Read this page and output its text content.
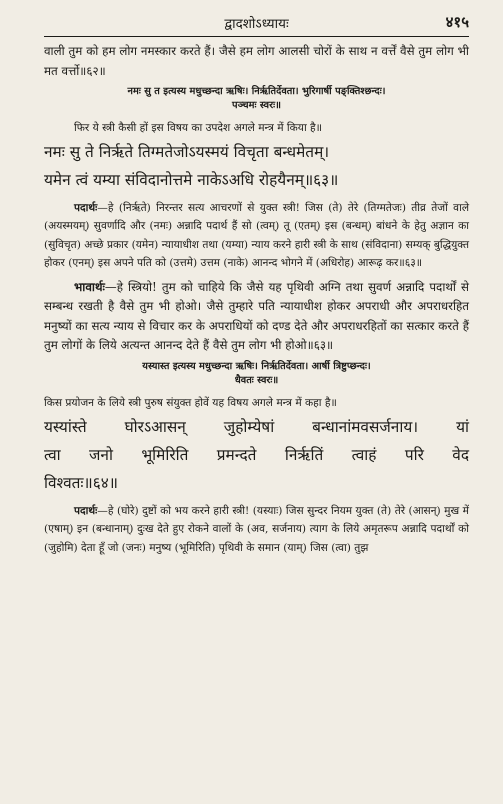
द्वादशोऽध्यायः	४१५

वाली तुम को हम लोग नमस्कार करते हैं। जैसे हम लोग आलसी चोरों के साथ न वर्त्तें वैसे तुम लोग भी मत वर्त्तो॥६२॥

नमः सु त इत्यस्य मधुच्छन्दा ऋषिः। निर्ऋतिर्देवता। भुरिगार्षी पङ्क्तिश्छन्दः।

पञ्चमः स्वरः॥

फिर ये स्त्री कैसी हों इस विषय का उपदेश अगले मन्त्र में किया है॥

नमः सु ते निर्ऋते तिग्मतेजोऽयस्मयं विचृता बन्धमेतम्।

यमेन त्वं यम्या संविदानोत्तमे नाकेऽअधि रोहयैनम्॥६३॥

पदार्थः—हे (निर्ऋते) निरन्तर सत्य आचरणों से युक्त स्त्री! जिस (ते) तेरे (तिग्मतेजः) तीव्र तेजों वाले (अयस्मयम्) सुवर्णादि और (नमः) अन्नादि पदार्थ हैं सो (त्वम्) तू (एतम्) इस (बन्धम्) बांधने के हेतु अज्ञान का (सुविचृत) अच्छे प्रकार (यमेन) न्यायाधीश तथा (यम्या) न्याय करने हारी स्त्री के साथ (संविदाना) सम्यक् बुद्धियुक्त होकर (एनम्) इस अपने पति को (उत्तमे) उत्तम (नाके) आनन्द भोगने में (अधिरोह) आरूढ़ कर॥६३॥

भावार्थः—हे स्त्रियो! तुम को चाहिये कि जैसे यह पृथिवी अग्नि तथा सुवर्ण अन्नादि पदार्थों से सम्बन्ध रखती है वैसे तुम भी होओ। जैसे तुम्हारे पति न्यायाधीश होकर अपराधी और अपराधरहित मनुष्यों का सत्य न्याय से विचार कर के अपराधियों को दण्ड देते और अपराधरहितों का सत्कार करते हैं तुम लोगों के लिये अत्यन्त आनन्द देते हैं वैसे तुम लोग भी होओ॥६३॥

यस्यास्त इत्यस्य मधुच्छन्दा ऋषिः। निर्ऋतिर्देवता। आर्षी त्रिष्टुप्छन्दः।

धैवतः स्वरः॥

किस प्रयोजन के लिये स्त्री पुरुष संयुक्त होवें यह विषय अगले मन्त्र में कहा है॥

यस्यांस्ते घोरऽआसन् जुहोम्येषां बन्धानांमवसर्जनाय। यां

त्वा जनो भूमिरिति प्रमन्दते निर्ऋतिं त्वाहं परि वेद

विश्वतः॥६४॥

पदार्थः—हे (घोरे) दुष्टों को भय करने हारी स्त्री! (यस्याः) जिस सुन्दर नियम युक्त (ते) तेरे (आसन्) मुख में (एषाम्) इन (बन्धानाम्) दुःख देते हुए रोकने वालों के (अव, सर्जनाय) त्याग के लिये अमृतरूप अन्नादि पदार्थों को (जुहोमि) देता हूँ जो (जनः) मनुष्य (भूमिरिति) पृथिवी के समान (याम्) जिस (त्वा) तुझ
